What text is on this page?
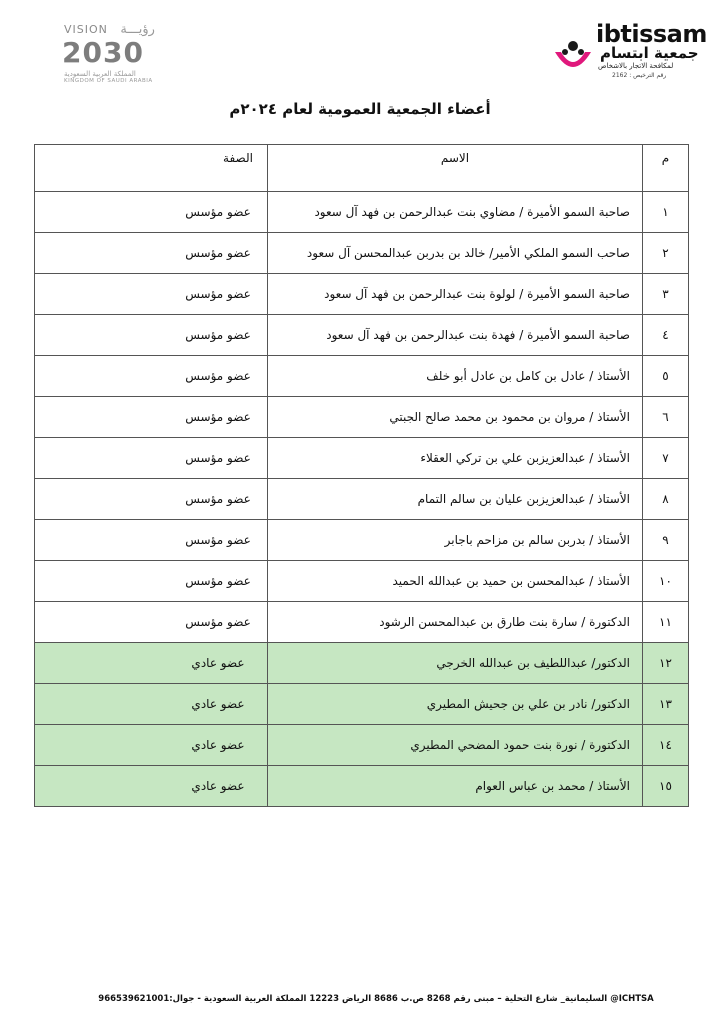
VISION رؤيـــة
2030
المملكة العربية السعودية
KINGDOM OF SAUDI ARABIA
ibtissam
جمعية ابتسام
لمكافحة الاتجار بالاشخاص
رقم الترخيص : 2162
أعضاء الجمعية العمومية لعام ٢٠٢٤م
م	الاسم	الصفة
١	صاحبة السمو الأميرة / مضاوي بنت عبدالرحمن بن فهد آل سعود	عضو مؤسس
٢	صاحب السمو الملكي الأمير/ خالد بن بدربن عبدالمحسن آل سعود	عضو مؤسس
٣	صاحبة السمو الأميرة / لولوة بنت عبدالرحمن بن فهد آل سعود	عضو مؤسس
٤	صاحبة السمو الأميرة / فهدة بنت عبدالرحمن بن فهد آل سعود	عضو مؤسس
٥	الأستاذ / عادل بن كامل بن عادل أبو خلف	عضو مؤسس
٦	الأستاذ / مروان بن محمود بن محمد صالح الجبتي	عضو مؤسس
٧	الأستاذ / عبدالعزيزبن علي بن تركي العقلاء	عضو مؤسس
٨	الأستاذ / عبدالعزيزبن عليان بن سالم التمام	عضو مؤسس
٩	الأستاذ / بدربن سالم بن مزاحم باجابر	عضو مؤسس
١٠	الأستاذ / عبدالمحسن بن حميد بن عبدالله الحميد	عضو مؤسس
١١	الدكتورة / سارة بنت طارق بن عبدالمحسن الرشود	عضو مؤسس
١٢	الدكتور/ عبداللطيف بن عبدالله الخرجي	عضو عادي
١٣	الدكتور/ نادر بن علي بن جحيش المطيري	عضو عادي
١٤	الدكتورة / نورة بنت حمود المضحي المطيري	عضو عادي
١٥	الأستاذ / محمد بن عباس العوام	عضو عادي
السليمانية_ شارع التحلية – مبنى رقم 8268 ص.ب 8686 الرياض 12223 المملكة العربية السعودية - جوال:966539621001 @ICHTSA
